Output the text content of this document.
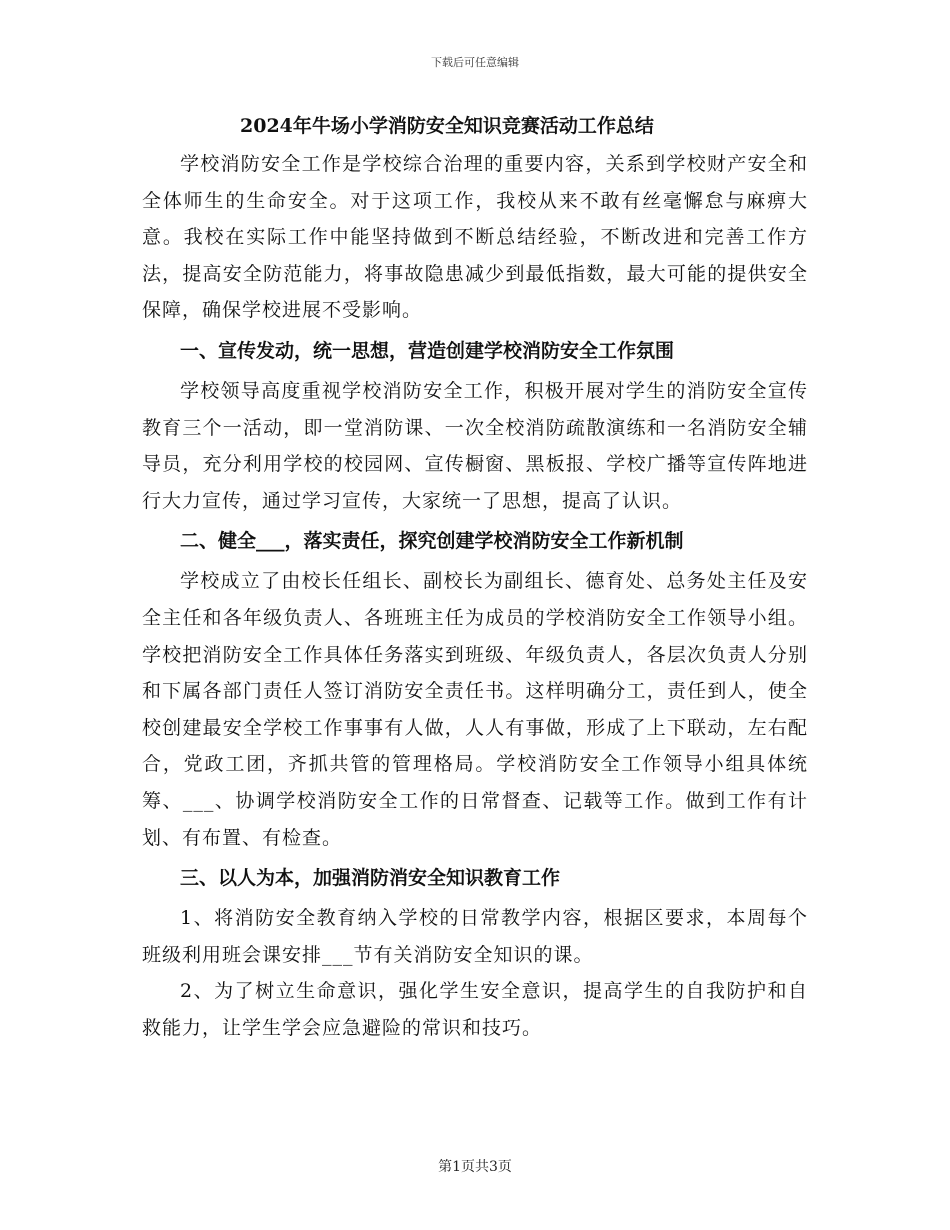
下载后可任意编辑
2024年牛场小学消防安全知识竞赛活动工作总结

学校消防安全工作是学校综合治理的重要内容，关系到学校财产安全和全体师生的生命安全。对于这项工作，我校从来不敢有丝毫懈怠与麻痹大意。我校在实际工作中能坚持做到不断总结经验，不断改进和完善工作方法，提高安全防范能力，将事故隐患减少到最低指数，最大可能的提供安全保障，确保学校进展不受影响。

一、宣传发动，统一思想，营造创建学校消防安全工作氛围

学校领导高度重视学校消防安全工作，积极开展对学生的消防安全宣传教育三个一活动，即一堂消防课、一次全校消防疏散演练和一名消防安全辅导员，充分利用学校的校园网、宣传橱窗、黑板报、学校广播等宣传阵地进行大力宣传，通过学习宣传，大家统一了思想，提高了认识。

二、健全___，落实责任，探究创建学校消防安全工作新机制

学校成立了由校长任组长、副校长为副组长、德育处、总务处主任及安全主任和各年级负责人、各班班主任为成员的学校消防安全工作领导小组。学校把消防安全工作具体任务落实到班级、年级负责人，各层次负责人分别和下属各部门责任人签订消防安全责任书。这样明确分工，责任到人，使全校创建最安全学校工作事事有人做，人人有事做，形成了上下联动，左右配合，党政工团，齐抓共管的管理格局。学校消防安全工作领导小组具体统筹、___、协调学校消防安全工作的日常督查、记载等工作。做到工作有计划、有布置、有检查。

三、以人为本，加强消防消安全知识教育工作

1、将消防安全教育纳入学校的日常教学内容，根据区要求，本周每个班级利用班会课安排___节有关消防安全知识的课。

2、为了树立生命意识，强化学生安全意识，提高学生的自我防护和自救能力，让学生学会应急避险的常识和技巧。

第1页共3页
